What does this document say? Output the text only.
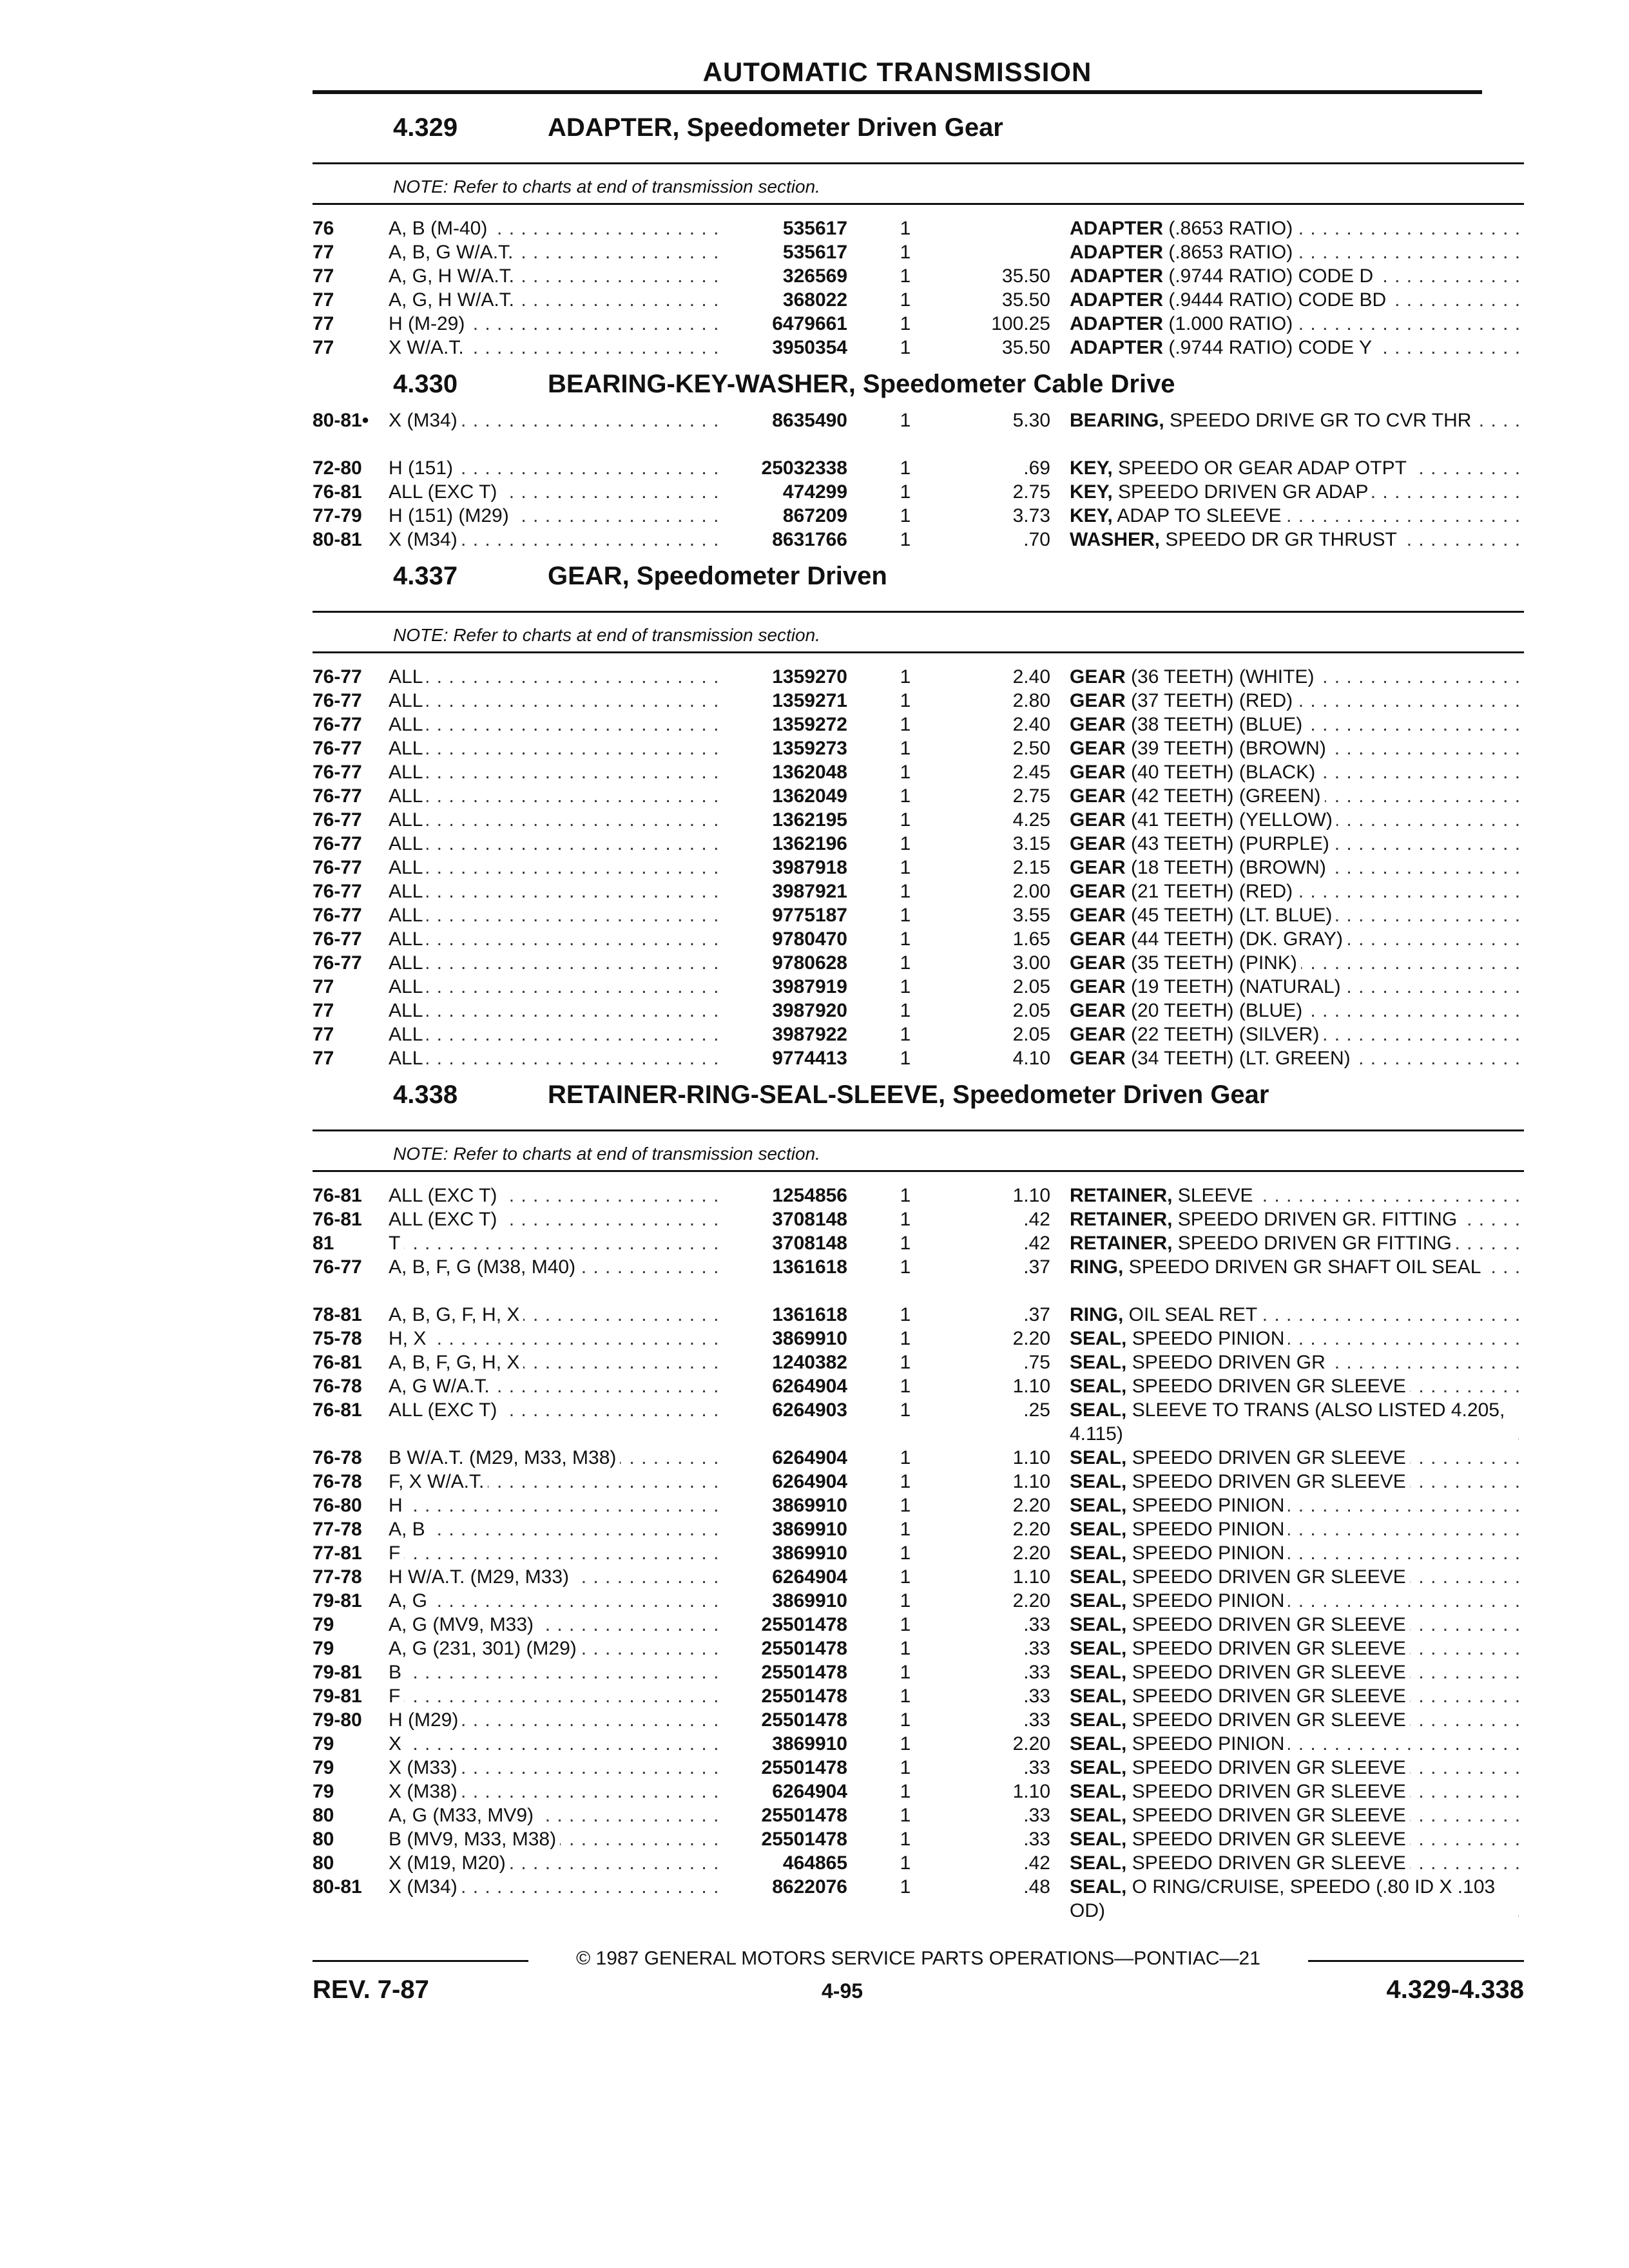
AUTOMATIC TRANSMISSION
4.329	ADAPTER, Speedometer Driven Gear
NOTE: Refer to charts at end of transmission section.
76	A, B (M-40) . . .	535617	1	ADAPTER (.8653 RATIO) . . .
77	A, B, G W/A.T. . . .	535617	1	ADAPTER (.8653 RATIO) . . .
77	A, G, H W/A.T. . . .	326569	1	35.50 ADAPTER (.9744 RATIO) CODE D . . .
77	A, G, H W/A.T. . . .	368022	1	35.50 ADAPTER (.9444 RATIO) CODE BD . . .
77	H (M-29) . . .	6479661	1	100.25 ADAPTER (1.000 RATIO) . . .
77	X W/A.T. . . .	3950354	1	35.50 ADAPTER (.9744 RATIO) CODE Y . . .
4.330	BEARING-KEY-WASHER, Speedometer Cable Drive
80-81• X (M34) . . .	8635490	1	5.30 BEARING, SPEEDO DRIVE GR TO CVR THR . . .
72-80 H (151) . . .	25032338	1	.69 KEY, SPEEDO OR GEAR ADAP OTPT . . .
76-81 ALL (EXC T) . . .	474299	1	2.75 KEY, SPEEDO DRIVEN GR ADAP . . .
77-79 H (151) (M29) . . .	867209	1	3.73 KEY, ADAP TO SLEEVE . . .
80-81 X (M34) . . .	8631766	1	.70 WASHER, SPEEDO DR GR THRUST . . .
4.337	GEAR, Speedometer Driven
NOTE: Refer to charts at end of transmission section.
76-77 ALL . . .	1359270	1	2.40 GEAR (36 TEETH) (WHITE) . . .
76-77 ALL . . .	1359271	1	2.80 GEAR (37 TEETH) (RED) . . .
76-77 ALL . . .	1359272	1	2.40 GEAR (38 TEETH) (BLUE) . . .
76-77 ALL . . .	1359273	1	2.50 GEAR (39 TEETH) (BROWN) . . .
76-77 ALL . . .	1362048	1	2.45 GEAR (40 TEETH) (BLACK) . . .
76-77 ALL . . .	1362049	1	2.75 GEAR (42 TEETH) (GREEN) . . .
76-77 ALL . . .	1362195	1	4.25 GEAR (41 TEETH) (YELLOW) . . .
76-77 ALL . . .	1362196	1	3.15 GEAR (43 TEETH) (PURPLE) . . .
76-77 ALL . . .	3987918	1	2.15 GEAR (18 TEETH) (BROWN) . . .
76-77 ALL . . .	3987921	1	2.00 GEAR (21 TEETH) (RED) . . .
76-77 ALL . . .	9775187	1	3.55 GEAR (45 TEETH) (LT. BLUE) . . .
76-77 ALL . . .	9780470	1	1.65 GEAR (44 TEETH) (DK. GRAY) . . .
76-77 ALL . . .	9780628	1	3.00 GEAR (35 TEETH) (PINK) . . .
77	ALL . . .	3987919	1	2.05 GEAR (19 TEETH) (NATURAL) . . .
77	ALL . . .	3987920	1	2.05 GEAR (20 TEETH) (BLUE) . . .
77	ALL . . .	3987922	1	2.05 GEAR (22 TEETH) (SILVER) . . .
77	ALL . . .	9774413	1	4.10 GEAR (34 TEETH) (LT. GREEN) . . .
4.338	RETAINER-RING-SEAL-SLEEVE, Speedometer Driven Gear
NOTE: Refer to charts at end of transmission section.
76-81 ALL (EXC T) . . .	1254856	1	1.10 RETAINER, SLEEVE . . .
76-81 ALL (EXC T) . . .	3708148	1	.42 RETAINER, SPEEDO DRIVEN GR. FITTING . . .
81	T . . .	3708148	1	.42 RETAINER, SPEEDO DRIVEN GR FITTING . . .
76-77 A, B, F, G (M38, M40) . . .	1361618	1	.37 RING, SPEEDO DRIVEN GR SHAFT OIL SEAL . . .
78-81 A, B, G, F, H, X . . .	1361618	1	.37 RING, OIL SEAL RET . . .
75-78 H, X . . .	3869910	1	2.20 SEAL, SPEEDO PINION . . .
76-81 A, B, F, G, H, X . . .	1240382	1	.75 SEAL, SPEEDO DRIVEN GR . . .
76-78 A, G W/A.T. . . .	6264904	1	1.10 SEAL, SPEEDO DRIVEN GR SLEEVE . . .
76-81 ALL (EXC T) . . .	6264903	1	.25 SEAL, SLEEVE TO TRANS (ALSO LISTED 4.205, 4.115) . . .
76-78 B W/A.T. (M29, M33, M38) . . .	6264904	1	1.10 SEAL, SPEEDO DRIVEN GR SLEEVE . . .
76-78 F, X W/A.T. . . .	6264904	1	1.10 SEAL, SPEEDO DRIVEN GR SLEEVE . . .
76-80 H . . .	3869910	1	2.20 SEAL, SPEEDO PINION . . .
77-78 A, B . . .	3869910	1	2.20 SEAL, SPEEDO PINION . . .
77-81 F . . .	3869910	1	2.20 SEAL, SPEEDO PINION . . .
77-78 H W/A.T. (M29, M33) . . .	6264904	1	1.10 SEAL, SPEEDO DRIVEN GR SLEEVE . . .
79-81 A, G . . .	3869910	1	2.20 SEAL, SPEEDO PINION . . .
79	A, G (MV9, M33) . . .	25501478	1	.33 SEAL, SPEEDO DRIVEN GR SLEEVE . . .
79	A, G (231, 301) (M29) . . .	25501478	1	.33 SEAL, SPEEDO DRIVEN GR SLEEVE . . .
79-81 B . . .	25501478	1	.33 SEAL, SPEEDO DRIVEN GR SLEEVE . . .
79-81 F . . .	25501478	1	.33 SEAL, SPEEDO DRIVEN GR SLEEVE . . .
79-80 H (M29) . . .	25501478	1	.33 SEAL, SPEEDO DRIVEN GR SLEEVE . . .
79	X . . .	3869910	1	2.20 SEAL, SPEEDO PINION . . .
79	X (M33) . . .	25501478	1	.33 SEAL, SPEEDO DRIVEN GR SLEEVE . . .
79	X (M38) . . .	6264904	1	1.10 SEAL, SPEEDO DRIVEN GR SLEEVE . . .
80	A, G (M33, MV9) . . .	25501478	1	.33 SEAL, SPEEDO DRIVEN GR SLEEVE . . .
80	B (MV9, M33, M38) . . .	25501478	1	.33 SEAL, SPEEDO DRIVEN GR SLEEVE . . .
80	X (M19, M20) . . .	464865	1	.42 SEAL, SPEEDO DRIVEN GR SLEEVE . . .
80-81 X (M34) . . .	8622076	1	.48 SEAL, O RING/CRUISE, SPEEDO (.80 ID X .103 OD) . . .
© 1987 GENERAL MOTORS SERVICE PARTS OPERATIONS—PONTIAC—21
REV. 7-87	4-95	4.329-4.338
